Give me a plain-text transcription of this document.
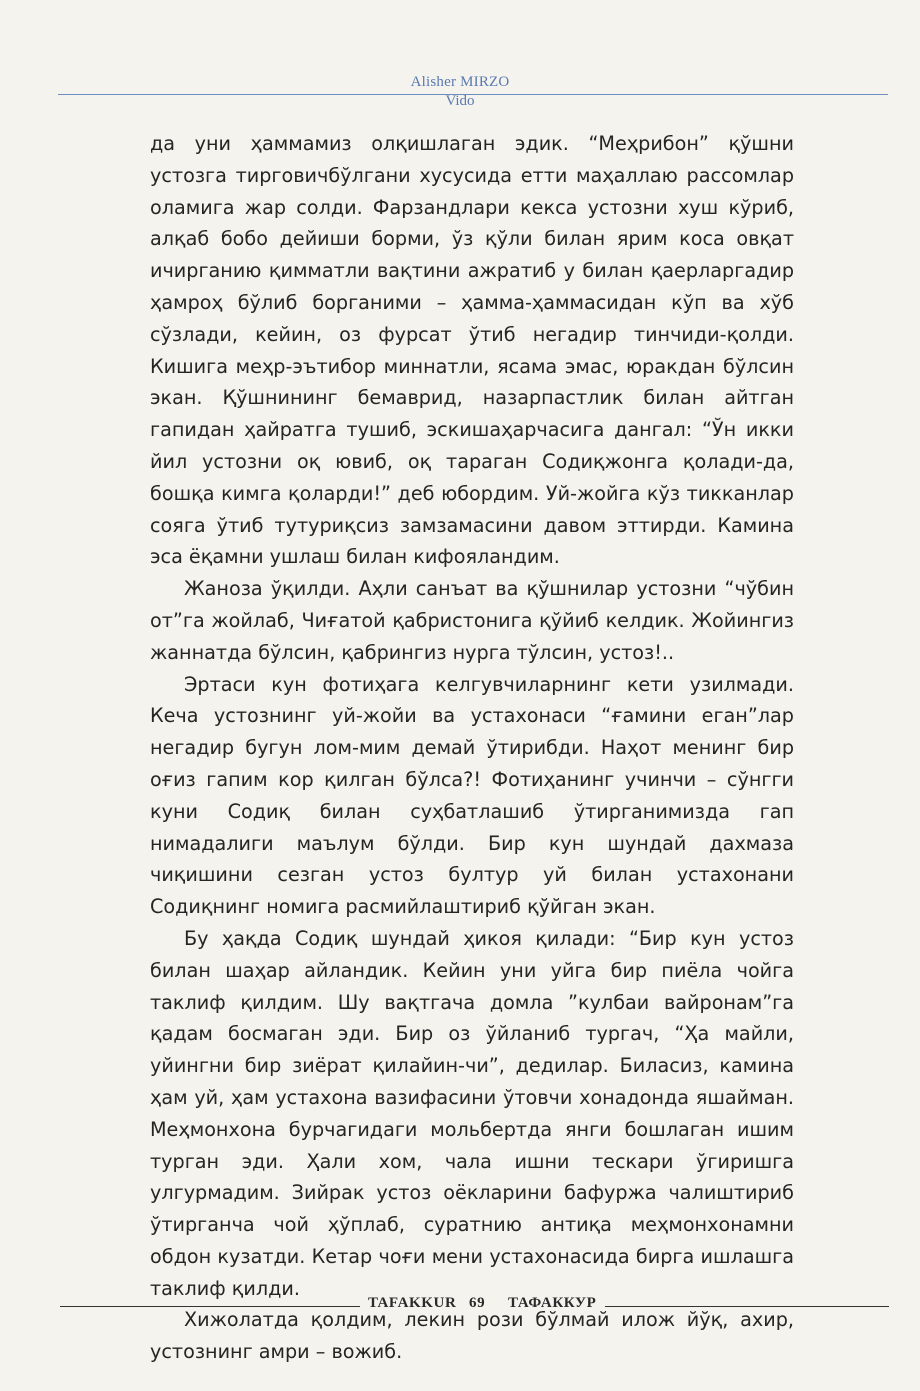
Alisher MIRZO
Vido

да уни ҳаммамиз олқишлаган эдик. “Меҳрибон” қўшни устозга тирговичбўлгани хусусида етти маҳаллаю рассомлар оламига жар солди. Фарзандлари кекса устозни хуш кўриб, алқаб бобо дейиши борми, ўз қўли билан ярим коса овқат ичирганию қимматли вақтини ажратиб у билан қаерларгадир ҳамроҳ бўлиб борганими – ҳамма-ҳаммасидан кўп ва хўб сўзлади, кейин, оз фурсат ўтиб негадир тинчиди-қолди. Кишига меҳр-эътибор миннатли, ясама эмас, юракдан бўлсин экан. Қўшнининг бемаврид, назарпастлик билан айтган гапидан ҳайратга тушиб, эскишаҳарчасига дангал: “Ўн икки йил устозни оқ ювиб, оқ тараган Содиқжонга қолади-да, бошқа кимга қоларди!” деб юбордим. Уй-жойга кўз тикканлар сояга ўтиб тутуриқсиз замзамасини давом эттирди. Камина эса ёқамни ушлаш билан кифояландим.

Жаноза ўқилди. Аҳли санъат ва қўшнилар устозни “чўбин от”га жойлаб, Чиғатой қабристонига қўйиб келдик. Жойингиз жаннатда бўлсин, қабрингиз нурга тўлсин, устоз!..

Эртаси кун фотиҳага келгувчиларнинг кети узилмади. Кеча устознинг уй-жойи ва устахонаси “ғамини еган”лар негадир бугун лом-мим демай ўтирибди. Наҳот менинг бир оғиз гапим кор қилган бўлса?! Фотиҳанинг учинчи – сўнгги куни Содиқ билан суҳбатлашиб ўтирганимизда гап нимадалиги маълум бўлди. Бир кун шундай дахмаза чиқишини сезган устоз бултур уй билан устахонани Содиқнинг номига расмийлаштириб қўйган экан.

Бу ҳақда Содиқ шундай ҳикоя қилади: “Бир кун устоз билан шаҳар айландик. Кейин уни уйга бир пиёла чойга таклиф қилдим. Шу вақтгача домла ”кулбаи вайронам”га қадам босмаган эди. Бир оз ўйланиб тургач, “Ҳа майли, уйингни бир зиёрат қилайин-чи”, дедилар. Биласиз, камина ҳам уй, ҳам устахона вазифасини ўтовчи хонадонда яшайман. Меҳмонхона бурчагидаги мольбертда янги бошлаган ишим турган эди. Ҳали хом, чала ишни тескари ўгиришга улгурмадим. Зийрак устоз оёкларини бафуржа чалиштириб ўтирганча чой ҳўплаб, суратнию антиқа меҳмонхонамни обдон кузатди. Кетар чоғи мени устахонасида бирга ишлашга таклиф қилди.

Хижолатда қолдим, лекин рози бўлмай илож йўқ, ахир, устознинг амри – вожиб.

TAFAKKUR 69 ТАФАККУР
